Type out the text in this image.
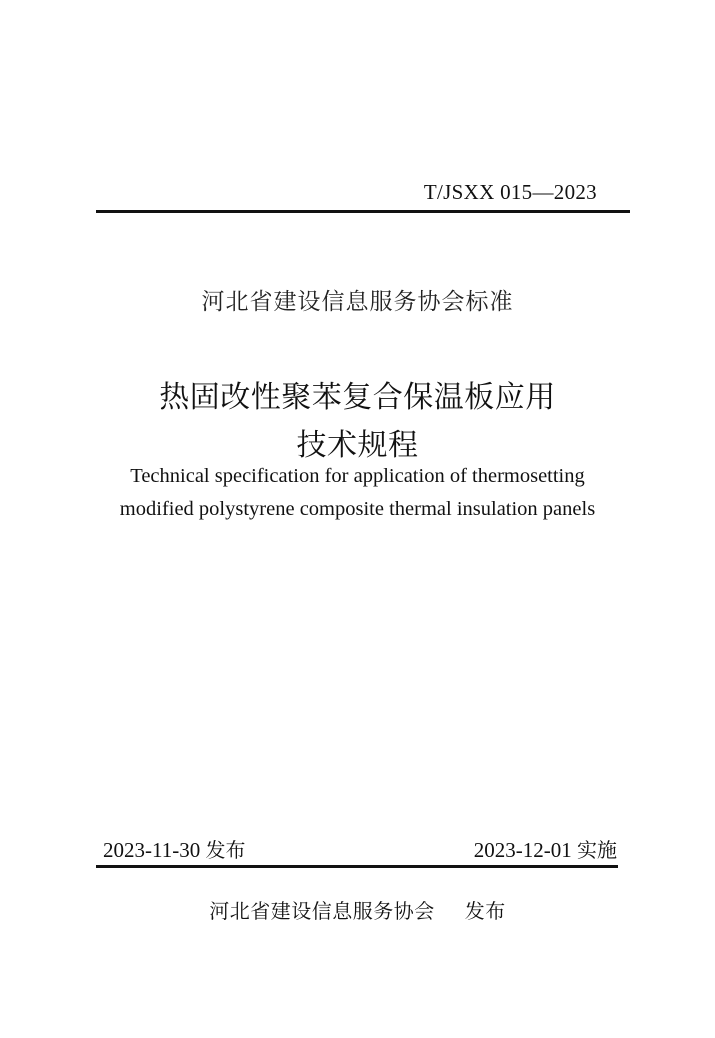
T/JSXX 015—2023
河北省建设信息服务协会标准
热固改性聚苯复合保温板应用
技术规程
Technical specification for application of thermosetting
modified polystyrene composite thermal insulation panels
2023-11-30 发布	2023-12-01 实施
河北省建设信息服务协会 发布
